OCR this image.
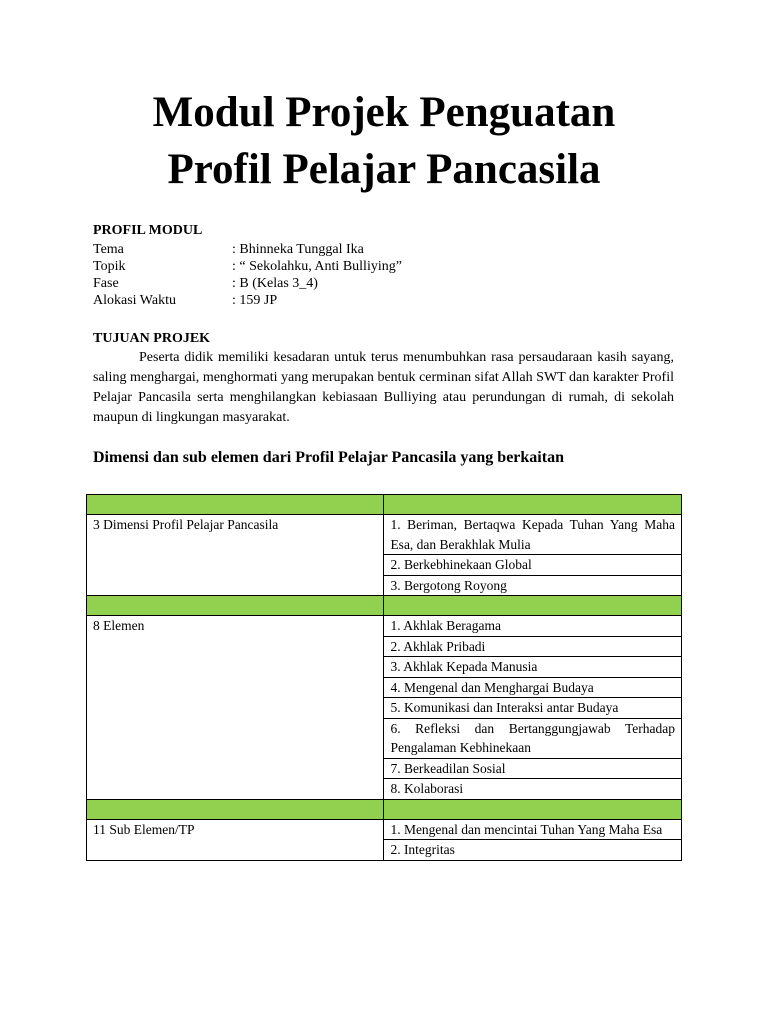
Modul Projek Penguatan
Profil Pelajar Pancasila
PROFIL MODUL
Tema	: Bhinneka Tunggal Ika
Topik	: “ Sekolahku, Anti Bulliying”
Fase	: B (Kelas 3_4)
Alokasi Waktu	: 159 JP
TUJUAN PROJEK
Peserta didik memiliki kesadaran untuk terus menumbuhkan rasa persaudaraan kasih sayang, saling menghargai, menghormati yang merupakan bentuk cerminan sifat Allah SWT dan karakter Profil Pelajar Pancasila serta menghilangkan kebiasaan Bulliying atau perundungan di rumah, di sekolah maupun di lingkungan masyarakat.
Dimensi dan sub elemen dari Profil Pelajar Pancasila yang berkaitan

3 Dimensi Profil Pelajar Pancasila	1. Beriman, Bertaqwa Kepada Tuhan Yang Maha Esa, dan Berakhlak Mulia
	2. Berkebhinekaan Global
	3. Bergotong Royong

8 Elemen	1. Akhlak Beragama
	2. Akhlak Pribadi
	3. Akhlak Kepada Manusia
	4. Mengenal dan Menghargai Budaya
	5. Komunikasi dan Interaksi antar Budaya
	6. Refleksi dan Bertanggungjawab Terhadap Pengalaman Kebhinekaan
	7. Berkeadilan Sosial
	8. Kolaborasi

11 Sub Elemen/TP	1. Mengenal dan mencintai Tuhan Yang Maha Esa
	2. Integritas
